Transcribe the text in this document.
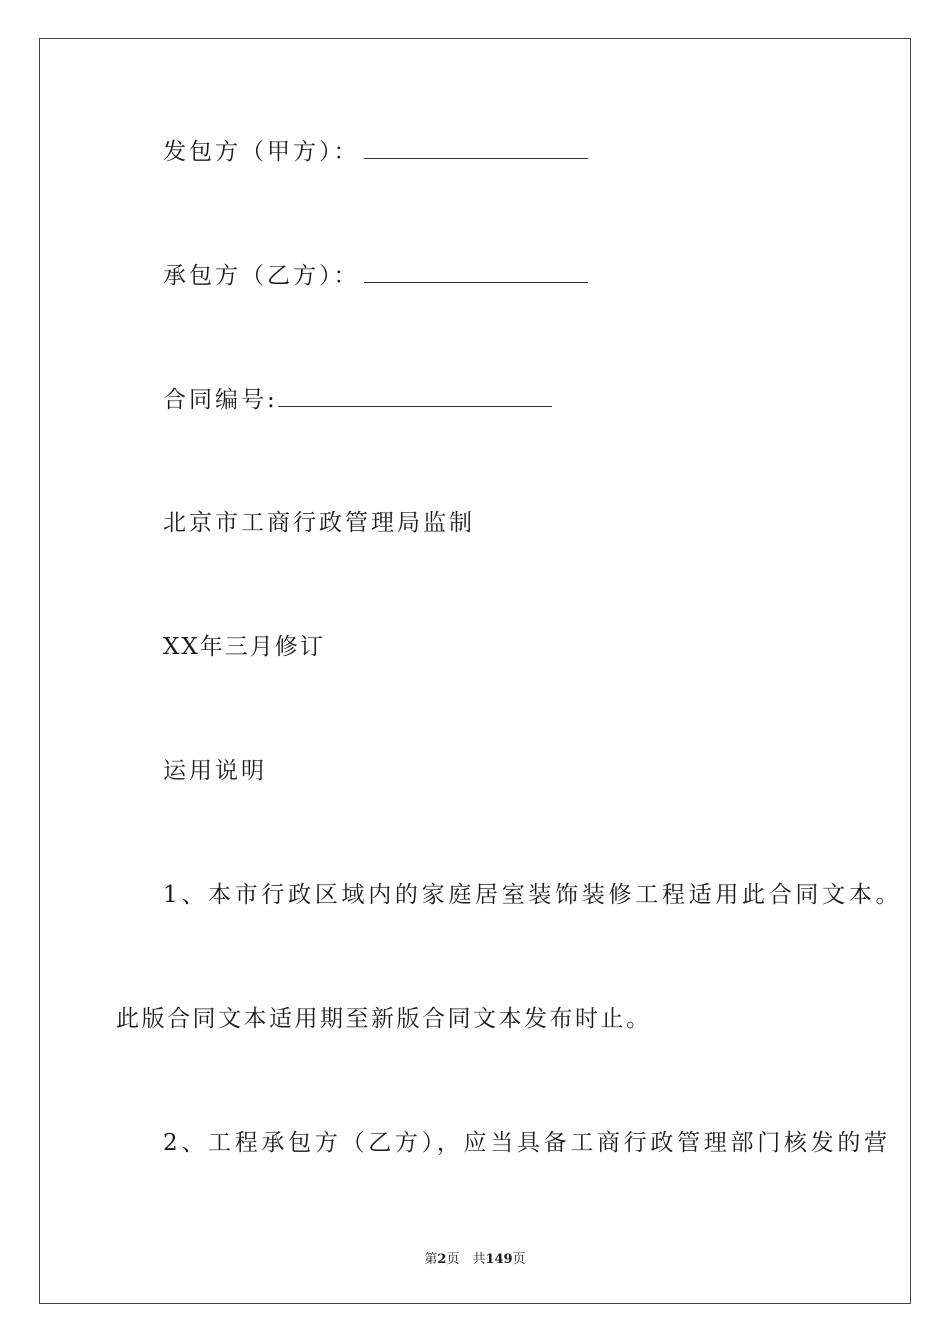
发包方（甲方）：
承包方（乙方）：
合同编号:
北京市工商行政管理局监制
XX年三月修订
运用说明
1、本市行政区域内的家庭居室装饰装修工程适用此合同文本。
此版合同文本适用期至新版合同文本发布时止。
2、工程承包方（乙方），应当具备工商行政管理部门核发的营
第2页　共149页
